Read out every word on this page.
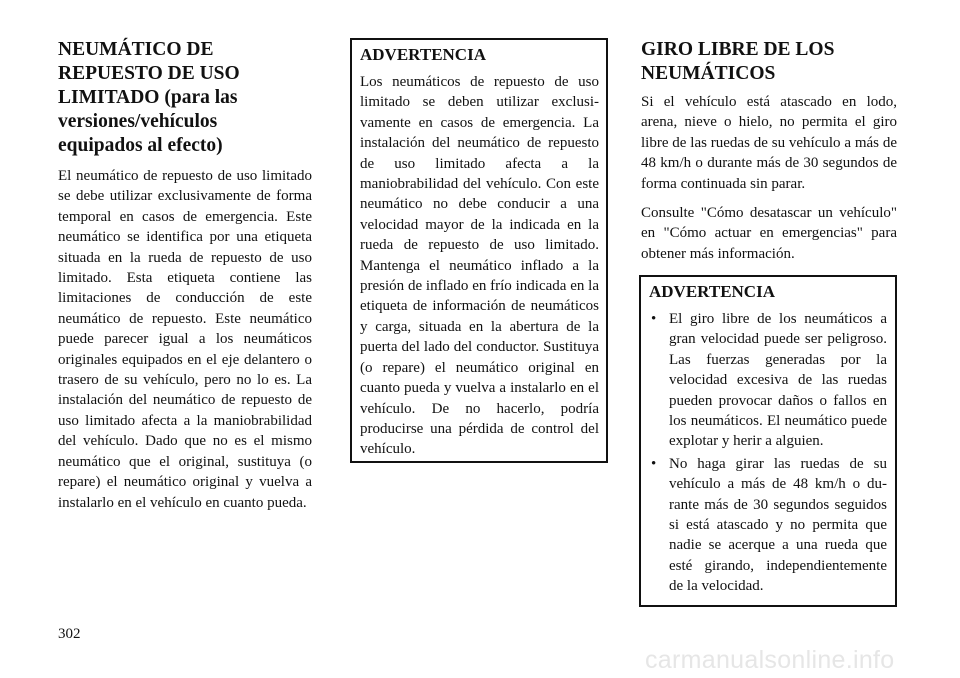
NEUMÁTICO DE REPUESTO DE USO LIMITADO (para las versiones/vehículos equipados al efecto)

El neumático de repuesto de uso limitado se debe utilizar exclusivamente de forma temporal en casos de emergencia. Este neumático se identifica por una etiqueta situada en la rueda de repuesto de uso limitado. Esta etiqueta contiene las limitaciones de conducción de este neumático de repuesto. Este neumático puede parecer igual a los neumáticos originales equipados en el eje delantero o trasero de su vehículo, pero no lo es. La instalación del neumático de repuesto de uso limitado afecta a la maniobrabilidad del vehículo. Dado que no es el mismo neumático que el original, sustituya (o repare) el neumático original y vuelva a instalarlo en el vehículo en cuanto pueda.

ADVERTENCIA

Los neumáticos de repuesto de uso limitado se deben utilizar exclusivamente en casos de emergencia. La instalación del neumático de repuesto de uso limitado afecta a la maniobrabilidad del vehículo. Con este neumático no debe conducir a una velocidad mayor de la indicada en la rueda de repuesto de uso limitado. Mantenga el neumático inflado a la presión de inflado en frío indicada en la etiqueta de información de neumáticos y carga, situada en la abertura de la puerta del lado del conductor. Sustituya (o repare) el neumático original en cuanto pueda y vuelva a instalarlo en el vehículo. De no hacerlo, podría producirse una pérdida de control del vehículo.

GIRO LIBRE DE LOS NEUMÁTICOS

Si el vehículo está atascado en lodo, arena, nieve o hielo, no permita el giro libre de las ruedas de su vehículo a más de 48 km/h o durante más de 30 segundos de forma continuada sin parar.

Consulte "Cómo desatascar un vehículo" en "Cómo actuar en emergencias" para obtener más información.

ADVERTENCIA
• El giro libre de los neumáticos a gran velocidad puede ser peligroso. Las fuerzas generadas por la velocidad excesiva de las ruedas pueden provocar daños o fallos en los neumáticos. El neumático puede explotar y herir a alguien.
• No haga girar las ruedas de su vehículo a más de 48 km/h o durante más de 30 segundos seguidos si está atascado y no permita que nadie se acerque a una rueda que esté girando, independientemente de la velocidad.
302
carmanualsonline.info
